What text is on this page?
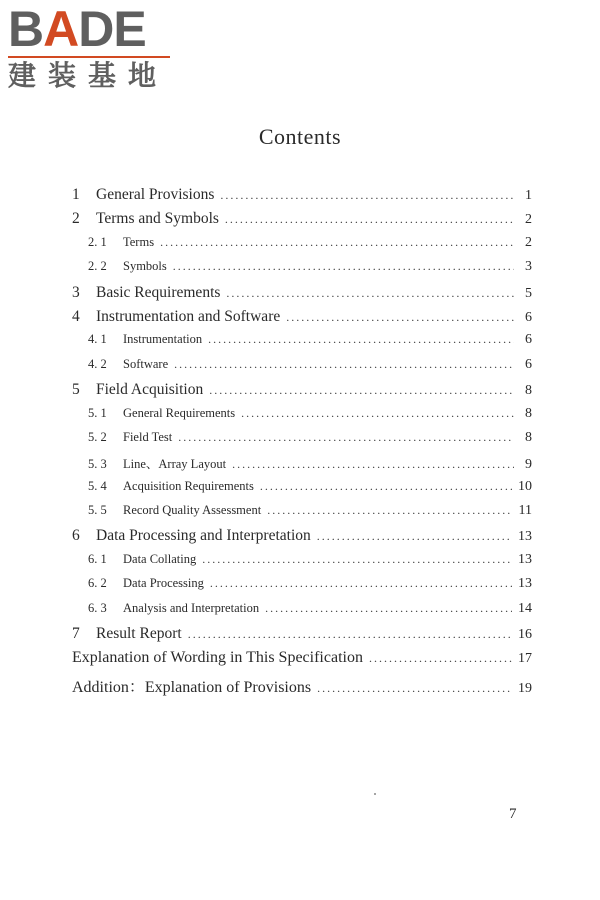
BADE
建装基地
Contents
1	General Provisions .....	1
2	Terms and Symbols .....	2
2. 1	Terms .....	2
2. 2	Symbols .....	3
3	Basic Requirements .....	5
4	Instrumentation and Software .....	6
4. 1	Instrumentation .....	6
4. 2	Software .....	6
5	Field Acquisition .....	8
5. 1	General Requirements .....	8
5. 2	Field Test .....	8
5. 3	Line、Array Layout .....	9
5. 4	Acquisition Requirements .....	10
5. 5	Record Quality Assessment .....	11
6	Data Processing and Interpretation .....	13
6. 1	Data Collating .....	13
6. 2	Data Processing .....	13
6. 3	Analysis and Interpretation .....	14
7	Result Report .....	16
Explanation of Wording in This Specification .....	17
Addition：Explanation of Provisions .....	19
7
